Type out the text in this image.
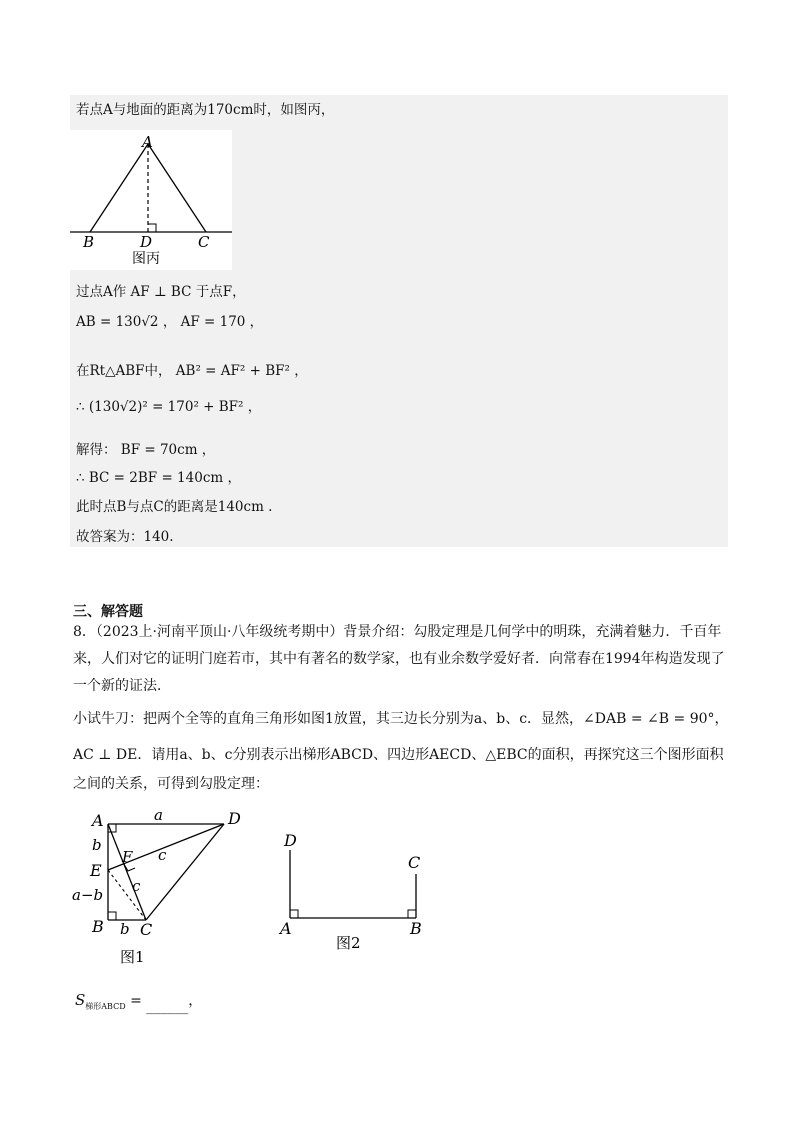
若点A与地面的距离为170cm时，如图丙，
A
B	D	C
图丙
过点A作 AF ⊥ BC 于点F，
AB = 130√2 ， AF = 170 ，
在Rt△ABF中， AB² = AF² + BF² ，
∴ (130√2)² = 170² + BF² ，
解得： BF = 70cm ，
∴ BC = 2BF = 140cm ，
此时点B与点C的距离是140cm .
故答案为：140.
三、解答题
8．（2023上·河南平顶山·八年级统考期中）背景介绍：勾股定理是几何学中的明珠，充满着魅力．千百年
来，人们对它的证明门庭若市，其中有著名的数学家，也有业余数学爱好者．向常春在1994年构造发现了
一个新的证法．
小试牛刀：把两个全等的直角三角形如图1放置，其三边长分别为a、b、c．显然，∠DAB = ∠B = 90°，
AC ⊥ DE．请用a、b、c分别表示出梯形ABCD、四边形AECD、△EBC的面积，再探究这三个图形面积
之间的关系，可得到勾股定理：
A	a	D
b
F c
E
c
a−b
B b C
图1
D
C
A	B
图2
$S_{梯形ABCD}$ = ______，
